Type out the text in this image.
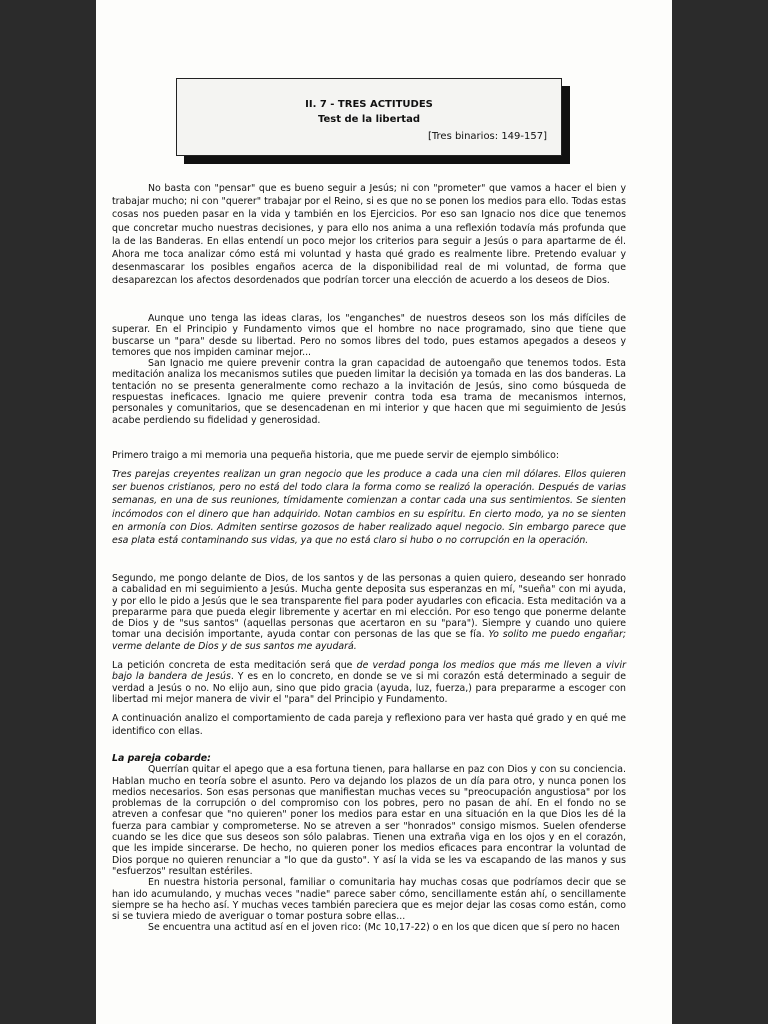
II. 7 - TRES ACTITUDES
Test de la libertad
[Tres binarios: 149-157]

No basta con "pensar" que es bueno seguir a Jesús; ni con "prometer" que vamos a hacer el bien y trabajar mucho; ni con "querer" trabajar por el Reino, si es que no se ponen los medios para ello. Todas estas cosas nos pueden pasar en la vida y también en los Ejercicios. Por eso san Ignacio nos dice que tenemos que concretar mucho nuestras decisiones, y para ello nos anima a una reflexión todavía más profunda que la de las Banderas. En ellas entendí un poco mejor los criterios para seguir a Jesús o para apartarme de él. Ahora me toca analizar cómo está mi voluntad y hasta qué grado es realmente libre. Pretendo evaluar y desenmascarar los posibles engaños acerca de la disponibilidad real de mi voluntad, de forma que desaparezcan los afectos desordenados que podrían torcer una elección de acuerdo a los deseos de Dios.

Aunque uno tenga las ideas claras, los "enganches" de nuestros deseos son los más difíciles de superar. En el Principio y Fundamento vimos que el hombre no nace programado, sino que tiene que buscarse un "para" desde su libertad. Pero no somos libres del todo, pues estamos apegados a deseos y temores que nos impiden caminar mejor...

San Ignacio me quiere prevenir contra la gran capacidad de autoengaño que tenemos todos. Esta meditación analiza los mecanismos sutiles que pueden limitar la decisión ya tomada en las dos banderas. La tentación no se presenta generalmente como rechazo a la invitación de Jesús, sino como búsqueda de respuestas ineficaces. Ignacio me quiere prevenir contra toda esa trama de mecanismos internos, personales y comunitarios, que se desencadenan en mi interior y que hacen que mi seguimiento de Jesús acabe perdiendo su fidelidad y generosidad.

Primero traigo a mi memoria una pequeña historia, que me puede servir de ejemplo simbólico:

Tres parejas creyentes realizan un gran negocio que les produce a cada una cien mil dólares. Ellos quieren ser buenos cristianos, pero no está del todo clara la forma como se realizó la operación. Después de varias semanas, en una de sus reuniones, tímidamente comienzan a contar cada una sus sentimientos. Se sienten incómodos con el dinero que han adquirido. Notan cambios en su espíritu. En cierto modo, ya no se sienten en armonía con Dios. Admiten sentirse gozosos de haber realizado aquel negocio. Sin embargo parece que esa plata está contaminando sus vidas, ya que no está claro si hubo o no corrupción en la operación.

Segundo, me pongo delante de Dios, de los santos y de las personas a quien quiero, deseando ser honrado a cabalidad en mi seguimiento a Jesús. Mucha gente deposita sus esperanzas en mí, "sueña" con mi ayuda, y por ello le pido a Jesús que le sea transparente fiel para poder ayudarles con eficacia. Esta meditación va a prepararme para que pueda elegir libremente y acertar en mi elección. Por eso tengo que ponerme delante de Dios y de "sus santos" (aquellas personas que acertaron en su "para"). Siempre y cuando uno quiere tomar una decisión importante, ayuda contar con personas de las que se fía. Yo solito me puedo engañar; verme delante de Dios y de sus santos me ayudará.

La petición concreta de esta meditación será que de verdad ponga los medios que más me lleven a vivir bajo la bandera de Jesús. Y es en lo concreto, en donde se ve si mi corazón está determinado a seguir de verdad a Jesús o no. No elijo aun, sino que pido gracia (ayuda, luz, fuerza,) para prepararme a escoger con libertad mi mejor manera de vivir el "para" del Principio y Fundamento.

A continuación analizo el comportamiento de cada pareja y reflexiono para ver hasta qué grado y en qué me identifico con ellas.

La pareja cobarde:

Querrían quitar el apego que a esa fortuna tienen, para hallarse en paz con Dios y con su conciencia. Hablan mucho en teoría sobre el asunto. Pero va dejando los plazos de un día para otro, y nunca ponen los medios necesarios. Son esas personas que manifiestan muchas veces su "preocupación angustiosa" por los problemas de la corrupción o del compromiso con los pobres, pero no pasan de ahí. En el fondo no se atreven a confesar que "no quieren" poner los medios para estar en una situación en la que Dios les dé la fuerza para cambiar y comprometerse. No se atreven a ser "honrados" consigo mismos. Suelen ofenderse cuando se les dice que sus deseos son sólo palabras. Tienen una extraña viga en los ojos y en el corazón, que les impide sincerarse. De hecho, no quieren poner los medios eficaces para encontrar la voluntad de Dios porque no quieren renunciar a "lo que da gusto". Y así la vida se les va escapando de las manos y sus "esfuerzos" resultan estériles.

En nuestra historia personal, familiar o comunitaria hay muchas cosas que podríamos decir que se han ido acumulando, y muchas veces "nadie" parece saber cómo, sencillamente están ahí, o sencillamente siempre se ha hecho así. Y muchas veces también pareciera que es mejor dejar las cosas como están, como si se tuviera miedo de averiguar o tomar postura sobre ellas...

Se encuentra una actitud así en el joven rico: (Mc 10,17-22) o en los que dicen que sí pero no hacen
